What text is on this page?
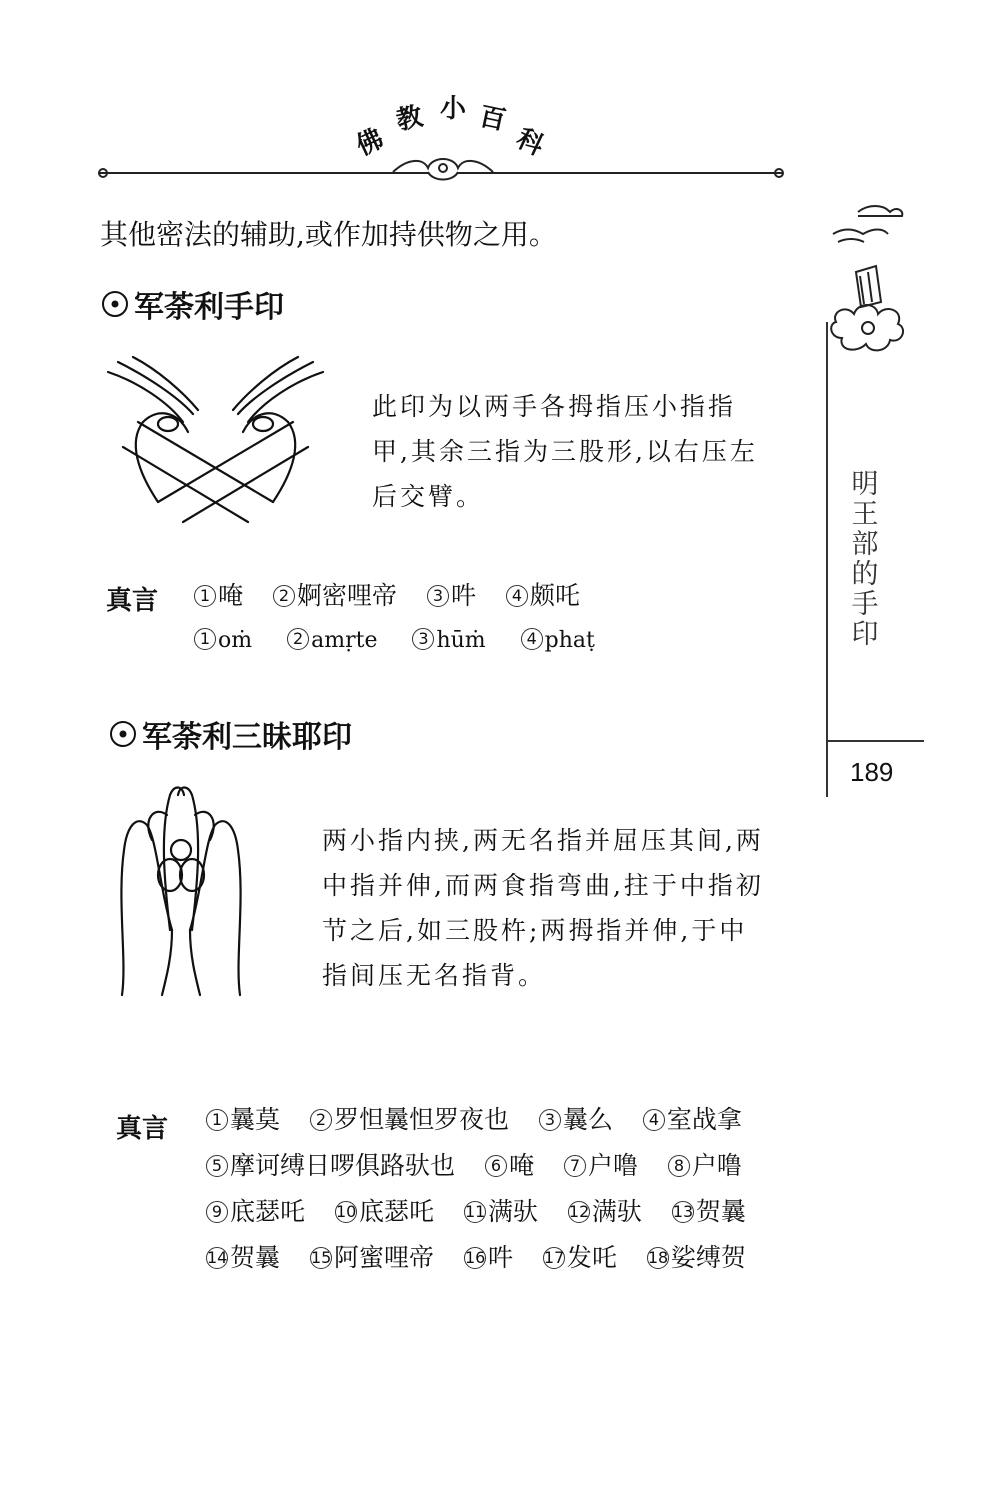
佛
教 小 百
科
其他密法的辅助,或作加持供物之用。
军荼利手印
此印为以两手各拇指压小指指
甲,其余三指为三股形,以右压左
后交臂。
真言	1 唵 2 婀密哩帝 3 吽 4 颇吒
1 oṁ	2 amṛte	3 hūṁ	4 phaṭ
军荼利三昧耶印
两小指内挟,两无名指并屈压其间,两
中指并伸,而两食指弯曲,拄于中指初
节之后,如三股杵;两拇指并伸,于中
指间压无名指背。
真言	1 曩莫 2 罗怛曩怛罗夜也 3 曩么 4 室战拿
5 摩诃缚日啰俱路驮也 6 唵 7 户噜 8 户噜
9 底瑟吒 10 底瑟吒 11 满驮 12 满驮 13 贺曩
14 贺曩 15 阿蜜哩帝 16 吽 17 发吒 18 娑缚贺
明
王
部
的
手
印
189
